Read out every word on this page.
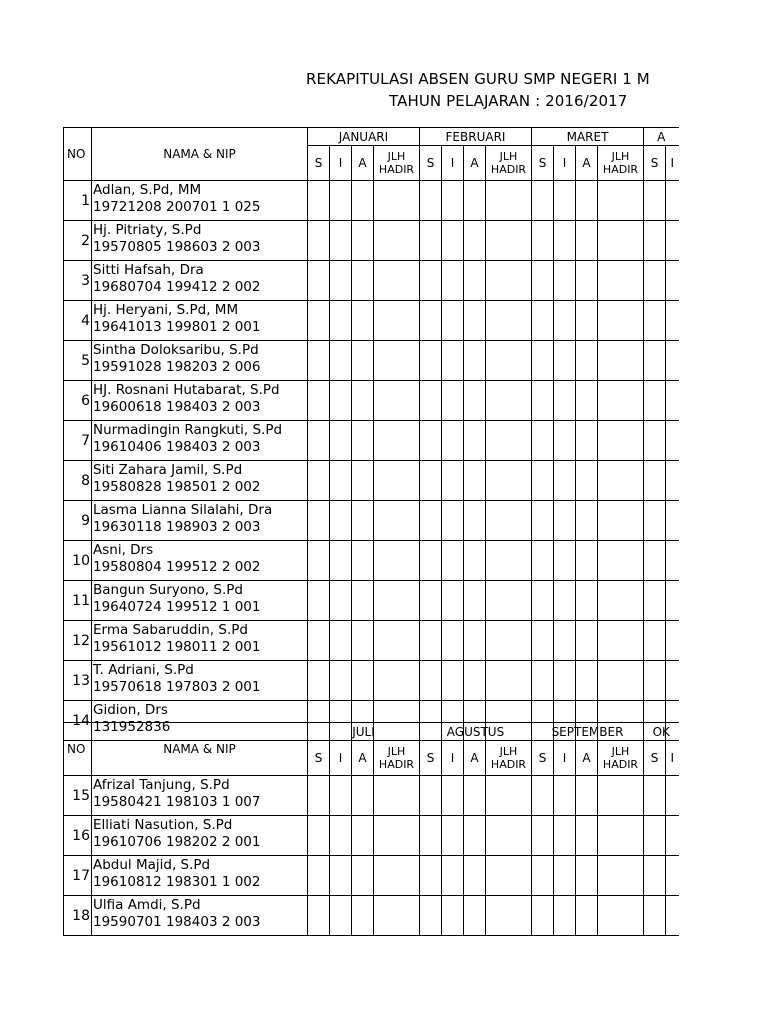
REKAPITULASI ABSEN GURU SMP NEGERI 1 M
TAHUN PELAJARAN : 2016/2017
NO	NAMA & NIP	JANUARI				FEBRUARI				MARET				A	
		S	I	A	JLH HADIR	S	I	A	JLH HADIR	S	I	A	JLH HADIR	S	I
1	Adlan, S.Pd, MM
19721208 200701 1 025														

2	Hj. Pitriaty, S.Pd
19570805 198603 2 003														

3	Sitti Hafsah, Dra
19680704 199412 2 002														

4	Hj. Heryani, S.Pd, MM
19641013 199801 2 001														

5	Sintha Doloksaribu, S.Pd
19591028 198203 2 006														

6	HJ. Rosnani Hutabarat, S.Pd
19600618 198403 2 003														

7	Nurmadingin Rangkuti, S.Pd
19610406 198403 2 003														

8	Siti Zahara Jamil, S.Pd
19580828 198501 2 002														

9	Lasma Lianna Silalahi, Dra
19630118 198903 2 003														

10	Asni, Drs
19580804 199512 2 002														

11	Bangun Suryono, S.Pd
19640724 199512 1 001														

12	Erma Sabaruddin, S.Pd
19561012 198011 2 001														

13	T. Adriani, S.Pd
19570618 197803 2 001														

14	Gidion, Drs
131952836														

NO	NAMA & NIP	JULI				AGUSTUS				SEPTEMBER				OK	
		S	I	A	JLH HADIR	S	I	A	JLH HADIR	S	I	A	JLH HADIR	S	I
15	Afrizal Tanjung, S.Pd
19580421 198103 1 007														

16	Elliati Nasution, S.Pd
19610706 198202 2 001														

17	Abdul Majid, S.Pd
19610812 198301 1 002														

18	Ulfia Amdi, S.Pd
19590701 198403 2 003														
